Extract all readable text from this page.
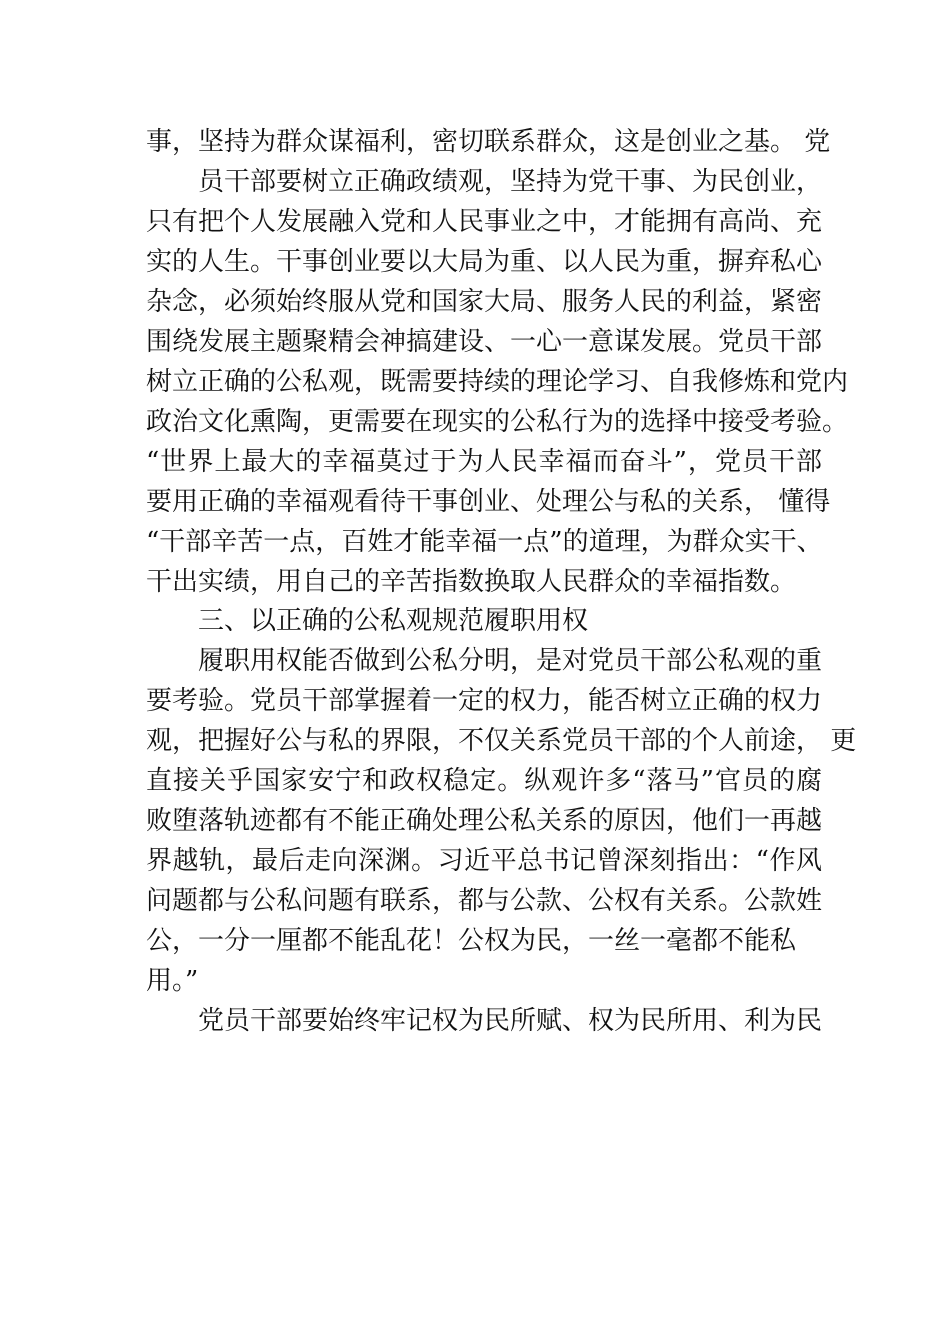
事，坚持为群众谋福利，密切联系群众，这是创业之基。 党
员干部要树立正确政绩观，坚持为党干事、为民创业，
只有把个人发展融入党和人民事业之中，才能拥有高尚、充
实的人生。干事创业要以大局为重、以人民为重，摒弃私心
杂念，必须始终服从党和国家大局、服务人民的利益，紧密
围绕发展主题聚精会神搞建设、一心一意谋发展。党员干部
树立正确的公私观，既需要持续的理论学习、自我修炼和党内
政治文化熏陶，更需要在现实的公私行为的选择中接受考验。
“世界上最大的幸福莫过于为人民幸福而奋斗”，党员干部
要用正确的幸福观看待干事创业、处理公与私的关系， 懂得
“干部辛苦一点，百姓才能幸福一点”的道理，为群众实干、
干出实绩，用自己的辛苦指数换取人民群众的幸福指数。
三、以正确的公私观规范履职用权
履职用权能否做到公私分明，是对党员干部公私观的重
要考验。党员干部掌握着一定的权力，能否树立正确的权力
观，把握好公与私的界限，不仅关系党员干部的个人前途， 更
直接关乎国家安宁和政权稳定。纵观许多“落马”官员的腐
败堕落轨迹都有不能正确处理公私关系的原因，他们一再越
界越轨，最后走向深渊。习近平总书记曾深刻指出：“作风
问题都与公私问题有联系，都与公款、公权有关系。公款姓
公，一分一厘都不能乱花！公权为民，一丝一毫都不能私
用。”
党员干部要始终牢记权为民所赋、权为民所用、利为民
